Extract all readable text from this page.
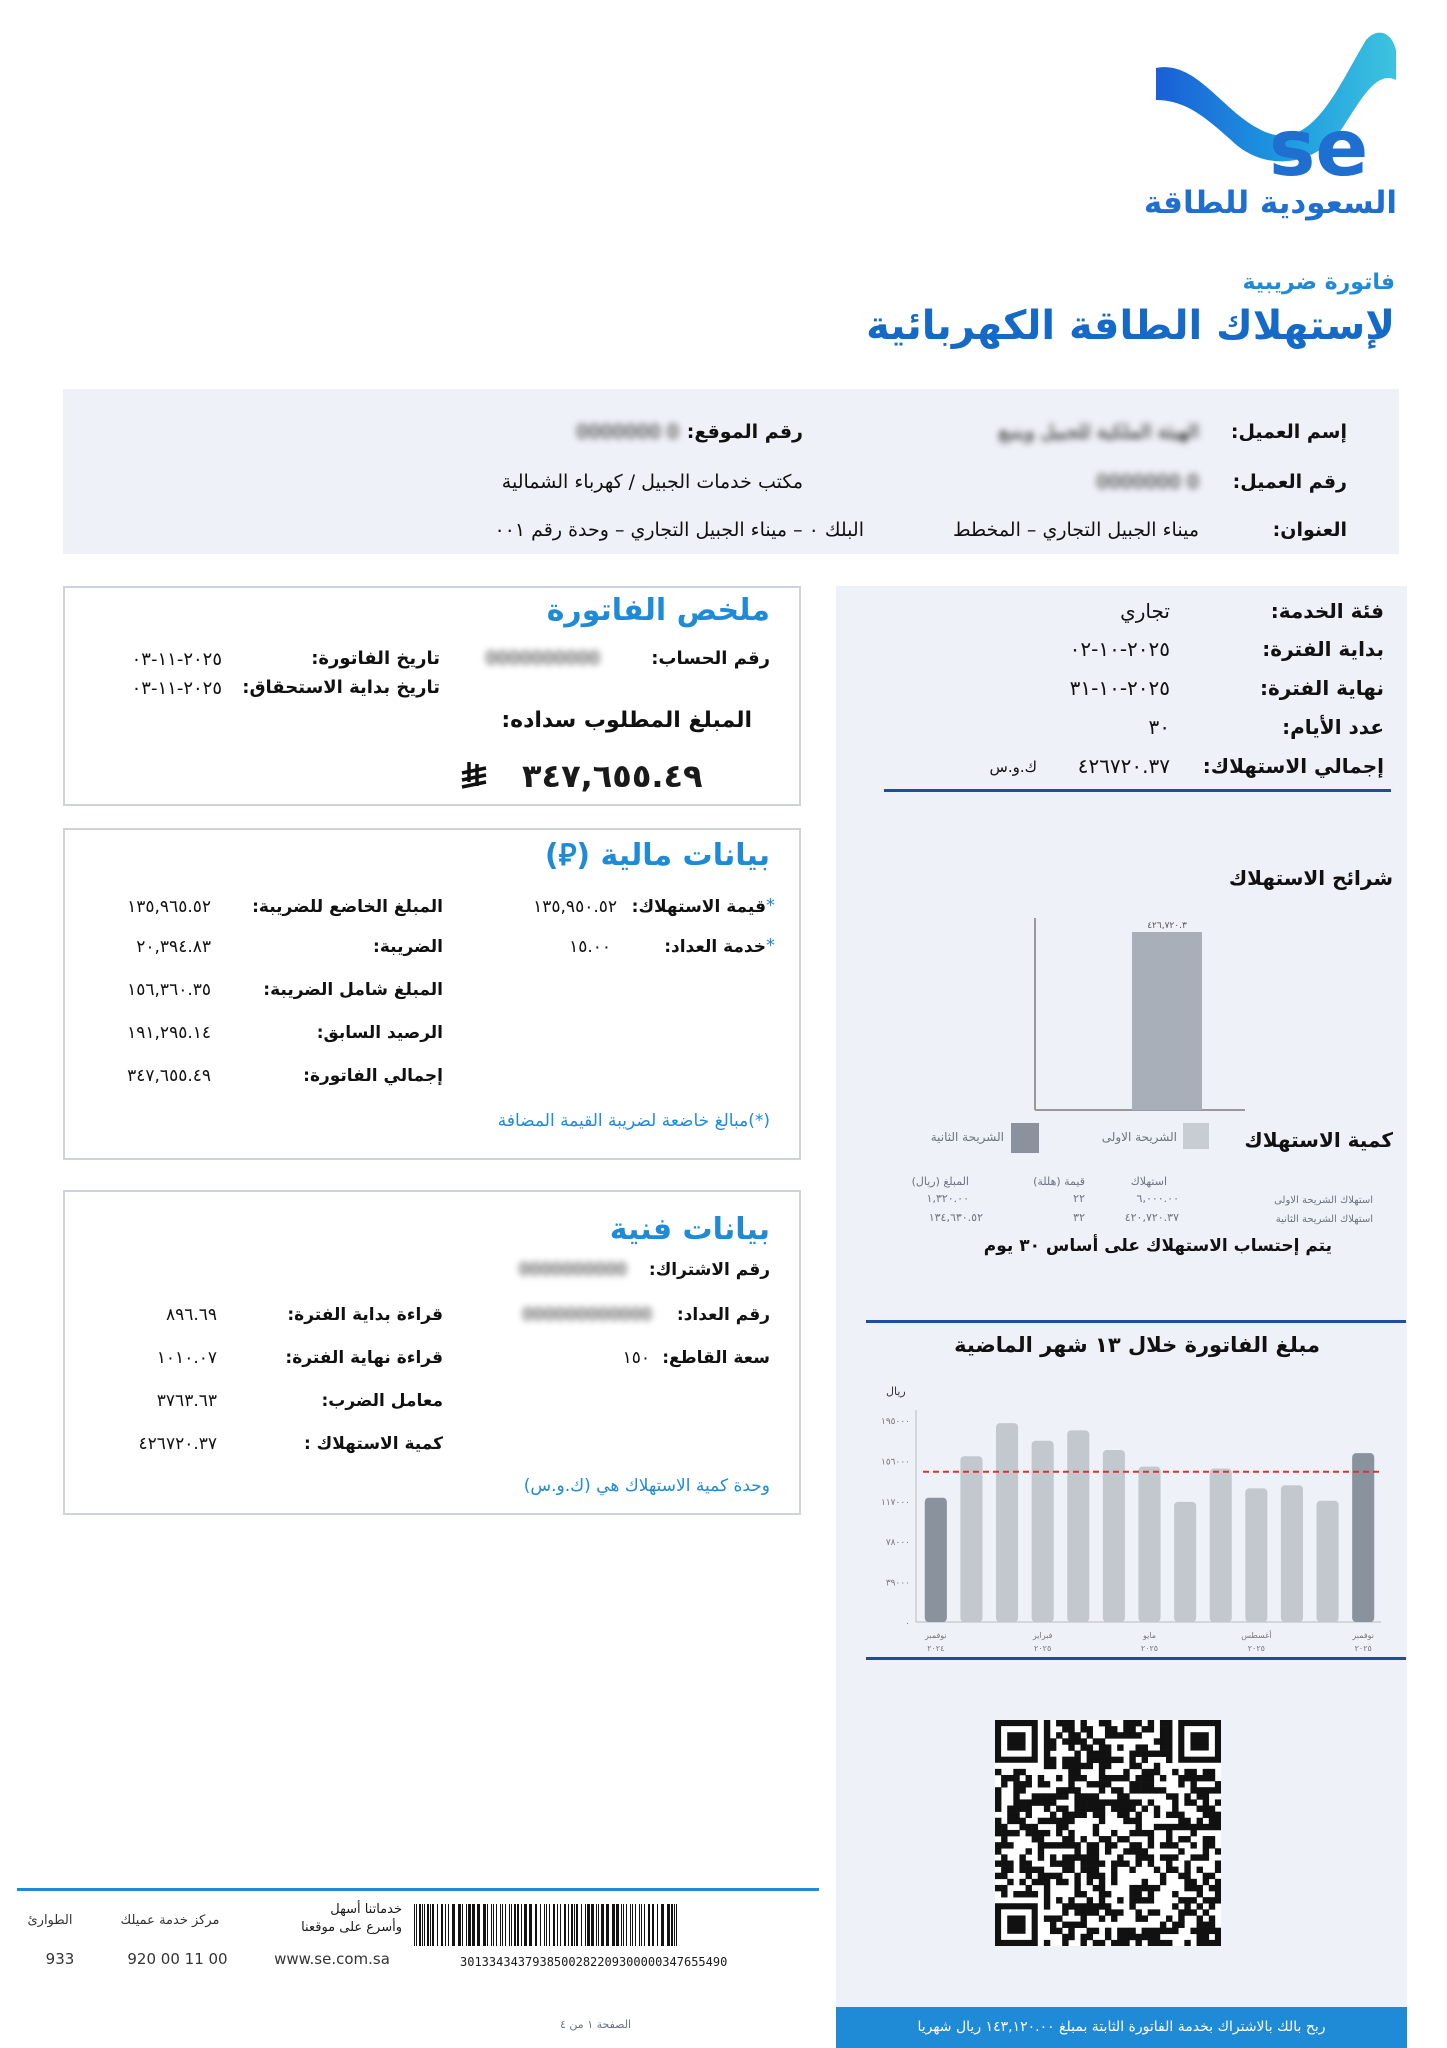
se
السعودية للطاقة
فاتورة ضريبية
لإستهلاك الطاقة الكهربائية
إسم العميل:
الهيئة الملكية للجبيل وينبع
رقم الموقع:
0 0000000
رقم العميل:
0 0000000
مكتب خدمات الجبيل / كهرباء الشمالية
العنوان:
ميناء الجبيل التجاري – المخطط
البلك ٠ – ميناء الجبيل التجاري – وحدة رقم ٠٠١
فئة الخدمة:
تجاري
بداية الفترة:
٢٠٢٥-١٠-٠٢
نهاية الفترة:
٢٠٢٥-١٠-٣١
عدد الأيام:
٣٠
إجمالي الاستهلاك:
٤٢٦٧٢٠.٣٧
ك.و.س
ملخص الفاتورة
رقم الحساب:
0000000000
تاريخ الفاتورة:
٢٠٢٥-١١-٠٣
تاريخ بداية الاستحقاق:
٢٠٢٥-١١-٠٣
المبلغ المطلوب سداده:
٣٤٧,٦٥٥.٤٩
بيانات مالية (⃁)
*
قيمة الاستهلاك:
١٣٥,٩٥٠.٥٢
*
خدمة العداد:
١٥.٠٠
المبلغ الخاضع للضريبة:
١٣٥,٩٦٥.٥٢
الضريبة:
٢٠,٣٩٤.٨٣
المبلغ شامل الضريبة:
١٥٦,٣٦٠.٣٥
الرصيد السابق:
١٩١,٢٩٥.١٤
إجمالي الفاتورة:
٣٤٧,٦٥٥.٤٩
(*)مبالغ خاضعة لضريبة القيمة المضافة
بيانات فنية
رقم الاشتراك:
0000000000
رقم العداد:
000000000000
سعة القاطع:
١٥٠
قراءة بداية الفترة:
٨٩٦.٦٩
قراءة نهاية الفترة:
١٠١٠.٠٧
معامل الضرب:
٣٧٦٣.٦٣
كمية الاستهلاك :
٤٢٦٧٢٠.٣٧
وحدة كمية الاستهلاك هي (ك.و.س)
شرائح الاستهلاك
٤٢٦,٧٢٠.٣
كمية الاستهلاك
الشريحة الاولى
الشريحة الثانية
استهلاك
قيمة (هللة)
المبلغ (ريال)
استهلاك الشريحة الاولى
٦,٠٠٠.٠٠
٢٢
١,٣٢٠.٠٠
استهلاك الشريحة الثانية
٤٢٠,٧٢٠.٣٧
٣٢
١٣٤,٦٣٠.٥٢
يتم إحتساب الاستهلاك على أساس ٣٠ يوم
مبلغ الفاتورة خلال ١٣ شهر الماضية
ريال
٠
٣٩٠٠٠
٧٨٠٠٠
١١٧٠٠٠
١٥٦٠٠٠
١٩٥٠٠٠
نوفمبر
٢٠٢٥
أغسطس
٢٠٢٥
مايو
٢٠٢٥
فبراير
٢٠٢٥
نوفمبر
٢٠٢٤
الطوارئ
933
مركز خدمة عميلك
920 00 11 00
خدماتنا أسهل
وأسرع على موقعنا
www.se.com.sa	3013343437938500282209300000347655490
الصفحة ١ من ٤	ربح بالك بالاشتراك بخدمة الفاتورة الثابتة بمبلغ ١٤٣,١٢٠.٠٠ ريال شهريا
